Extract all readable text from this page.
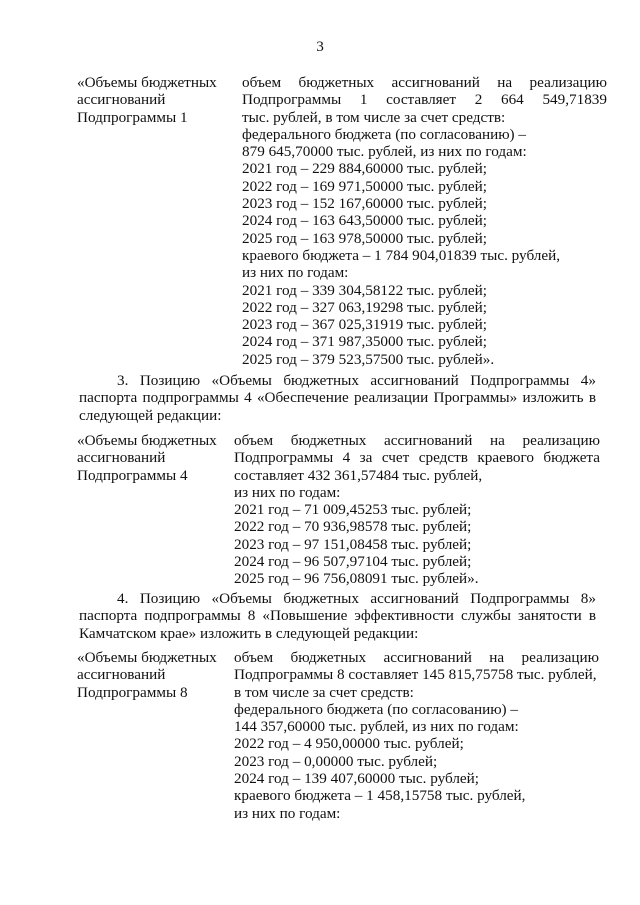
3
«Объемы бюджетных
ассигнований
Подпрограммы 1
объем бюджетных ассигнований на реализацию
Подпрограммы 1 составляет 2 664 549,71839
тыс. рублей, в том числе за счет средств:
федерального бюджета (по согласованию) –
879 645,70000 тыс. рублей, из них по годам:
2021 год – 229 884,60000 тыс. рублей;
2022 год – 169 971,50000 тыс. рублей;
2023 год – 152 167,60000 тыс. рублей;
2024 год – 163 643,50000 тыс. рублей;
2025 год – 163 978,50000 тыс. рублей;
краевого бюджета – 1 784 904,01839 тыс. рублей,
из них по годам:
2021 год – 339 304,58122 тыс. рублей;
2022 год – 327 063,19298 тыс. рублей;
2023 год – 367 025,31919 тыс. рублей;
2024 год – 371 987,35000 тыс. рублей;
2025 год – 379 523,57500 тыс. рублей».
3. Позицию «Объемы бюджетных ассигнований Подпрограммы 4»
паспорта подпрограммы 4 «Обеспечение реализации Программы» изложить в
следующей редакции:
«Объемы бюджетных
ассигнований
Подпрограммы 4
объем бюджетных ассигнований на реализацию
Подпрограммы 4 за счет средств краевого бюджета
составляет 432 361,57484 тыс. рублей,
из них по годам:
2021 год – 71 009,45253 тыс. рублей;
2022 год – 70 936,98578 тыс. рублей;
2023 год – 97 151,08458 тыс. рублей;
2024 год – 96 507,97104 тыс. рублей;
2025 год – 96 756,08091 тыс. рублей».
4. Позицию «Объемы бюджетных ассигнований Подпрограммы 8»
паспорта подпрограммы 8 «Повышение эффективности службы занятости в
Камчатском крае» изложить в следующей редакции:
«Объемы бюджетных
ассигнований
Подпрограммы 8
объем бюджетных ассигнований на реализацию
Подпрограммы 8 составляет 145 815,75758 тыс. рублей,
в том числе за счет средств:
федерального бюджета (по согласованию) –
144 357,60000 тыс. рублей, из них по годам:
2022 год – 4 950,00000 тыс. рублей;
2023 год – 0,00000 тыс. рублей;
2024 год – 139 407,60000 тыс. рублей;
краевого бюджета – 1 458,15758 тыс. рублей,
из них по годам:
